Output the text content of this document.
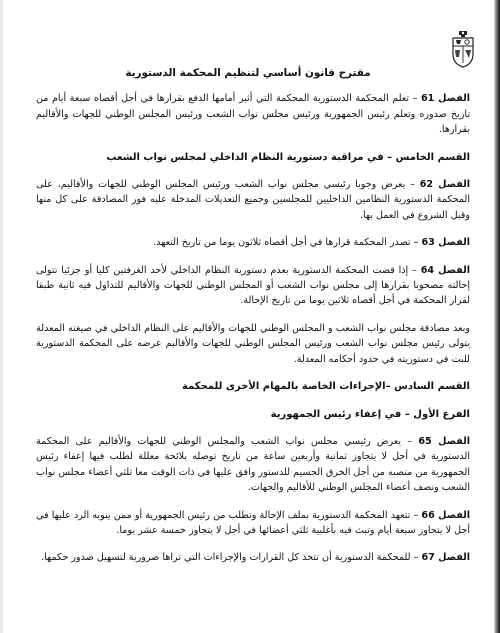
مقترح قانون أساسي لتنظيم المحكمة الدستورية

الفصل 61 – تعلم المحكمة الدستورية المحكمة التي أثير أمامها الدفع بقرارها في أجل أقصاه سبعة أيام من تاريخ صدوره وتعلم رئيس الجمهورية ورئيس مجلس نواب الشعب ورئيس المجلس الوطني للجهات والأقاليم بقرارها.

القسم الخامس – في مراقبة دستورية النظام الداخلي لمجلس نواب الشعب

الفصل 62 – يعرض وجوبا رئيسي مجلس نواب الشعب ورئيس المجلس الوطني للجهات والأقاليم، على المحكمة الدستورية النظامين الداخليين للمجلسين وجميع التعديلات المدخلة عليه فور المصادقة على كل منها وقبل الشروع في العمل بها.

الفصل 63 – تصدر المحكمة قرارها في أجل أقصاه ثلاثون يوما من تاريخ التعهد.

الفصل 64 – إذا قضت المحكمة الدستورية بعدم دستورية النظام الداخلي لأحد الغرفتين كليا أو جزئيا تتولى إحالته مصحوبا بقرارها إلى مجلس نواب الشعب أو المجلس الوطني للجهات والأقاليم للتداول فيه ثانية طبقا لقرار المحكمة في أجل أقصاه ثلاثين يوما من تاريخ الإحالة.

وبعد مصادقة مجلس نواب الشعب و المجلس الوطني للجهات والأقاليم على النظام الداخلي في صيغته المعدلة يتولى رئيس مجلس نواب الشعب ورئيس المجلس الوطني للجهات والأقاليم عرضه على المحكمة الدستورية للبت في دستوريته في حدود أحكامه المعدلة.

القسم السادس –الإجراءات الخاصة بالمهام الأخرى للمحكمة
الفرع الأول – في إعفاء رئيس الجمهورية

الفصل 65 – يعرض رئيسي مجلس نواب الشعب والمجلس الوطني للجهات والأقاليم على المحكمة الدستورية في أجل لا يتجاوز ثمانية وأربعين ساعة من تاريخ توصله بلائحة معللة لطلب فيها إعفاء رئيس الجمهورية من منصبه من أجل الخرق الجسيم للدستور وافق عليها في ذات الوقت معا ثلثي أعضاء مجلس نواب الشعب ونصف أعضاء المجلس الوطني للأقاليم والجهات.

الفصل 66 – تتعهد المحكمة الدستورية بملف الإحالة وتطلب من رئيس الجمهورية أو ممن ينوبه الرد عليها في أجل لا يتجاوز سبعة أيام وتبث فيه بأغلبية ثلثي أعضائها في أجل لا يتجاوز خمسة عشر يوما.

الفصل 67 – للمحكمة الدستورية أن تتخذ كل القرارات والإجراءات التي تراها ضرورية لتسهيل صدور حكمها.
